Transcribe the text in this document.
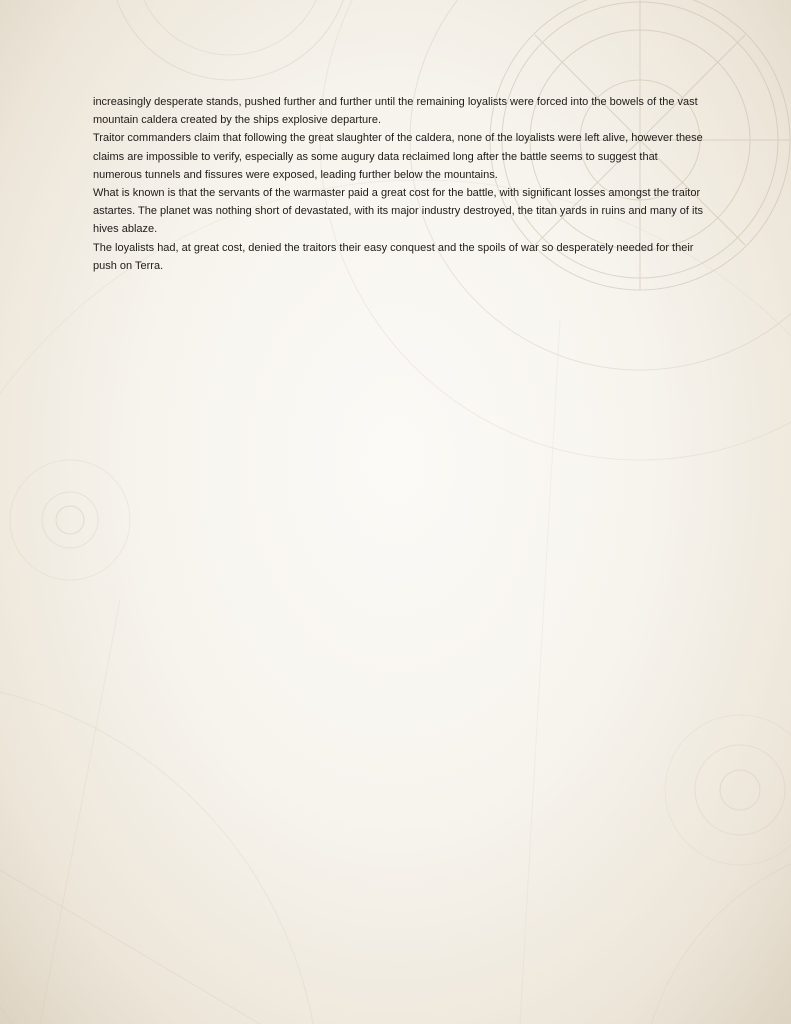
increasingly desperate stands, pushed further and further until the remaining loyalists were forced into the bowels of the vast mountain caldera created by the ships explosive departure.

Traitor commanders claim that following the great slaughter of the caldera, none of the loyalists were left alive, however these claims are impossible to verify, especially as some augury data reclaimed long after the battle seems to suggest that numerous tunnels and fissures were exposed, leading further below the mountains.

What is known is that the servants of the warmaster paid a great cost for the battle, with significant losses amongst the traitor astartes. The planet was nothing short of devastated, with its major industry destroyed, the titan yards in ruins and many of its hives ablaze.

The loyalists had, at great cost, denied the traitors their easy conquest and the spoils of war so desperately needed for their push on Terra.
